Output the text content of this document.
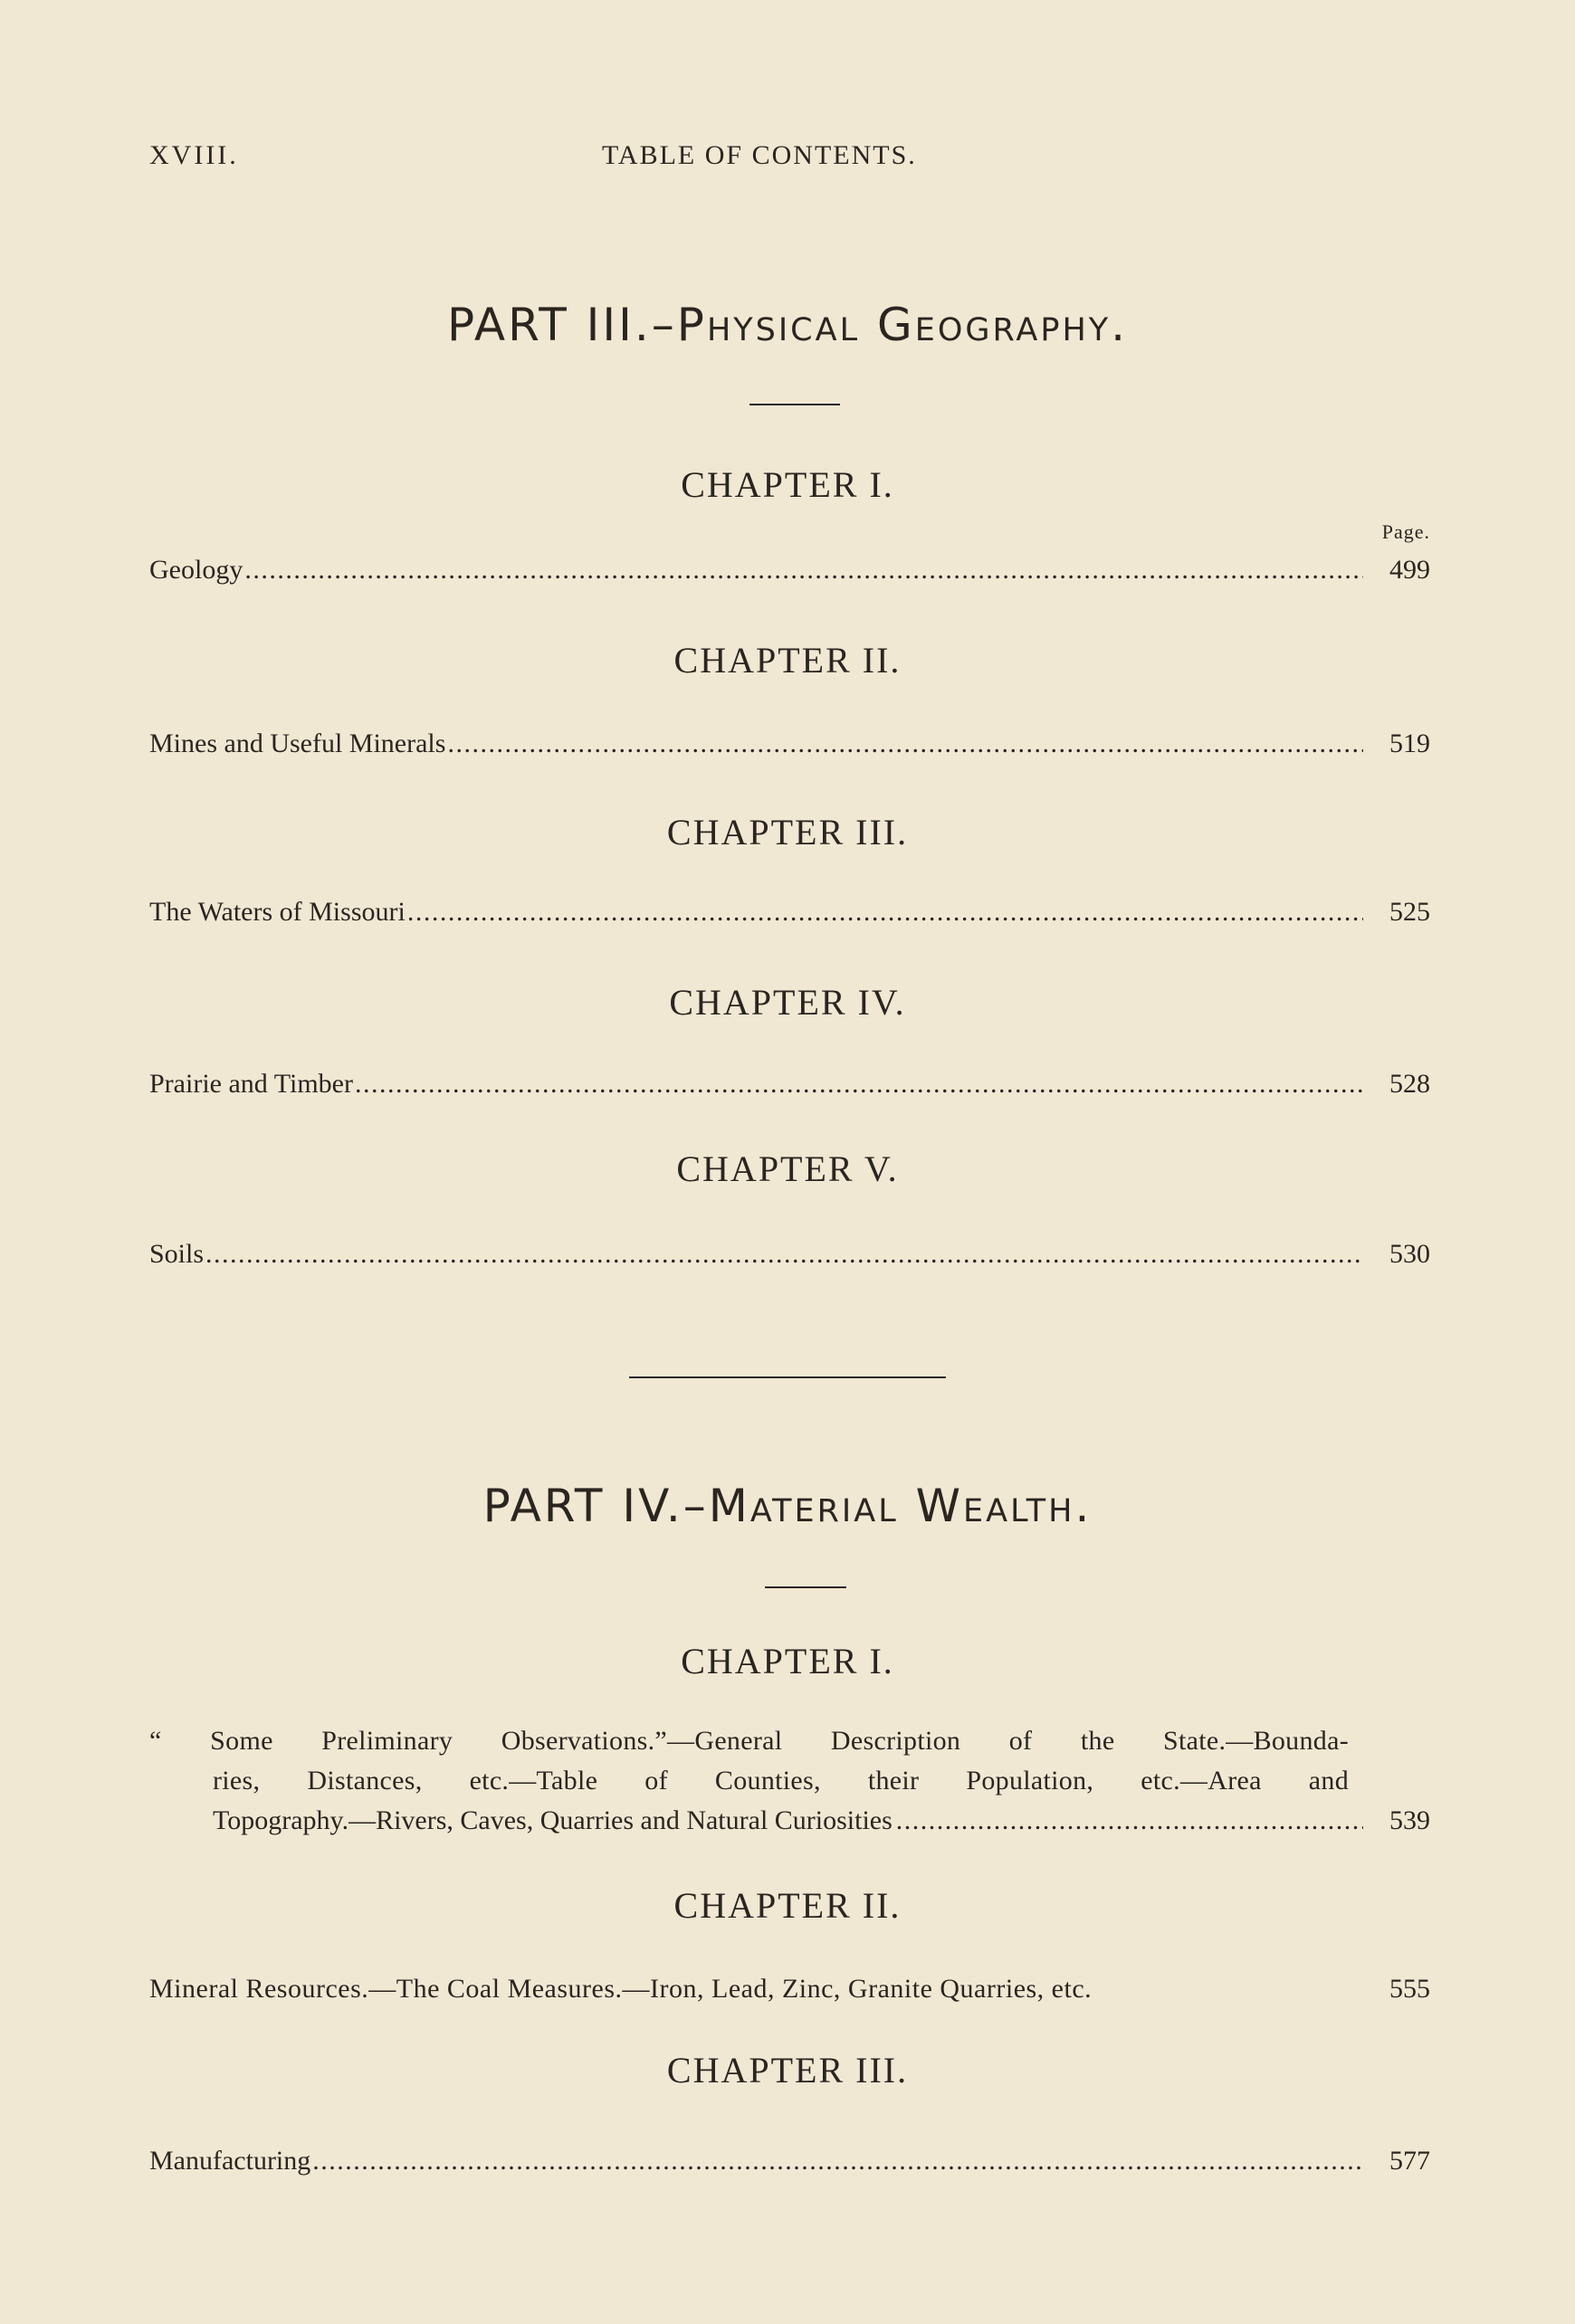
XVIII.	TABLE OF CONTENTS.
PART III.–Physical Geography.
CHAPTER I.
Page.
Geology . . .	499
CHAPTER II.
Mines and Useful Minerals . . .	519
CHAPTER III.
The Waters of Missouri . . .	525
CHAPTER IV.
Prairie and Timber . . .	528
CHAPTER V.
Soils . . .	530
PART IV.–Material Wealth.
CHAPTER I.
“ Some Preliminary Observations.”—General Description of the State.—Bounda-
ries, Distances, etc.—Table of Counties, their Population, etc.—Area and
Topography.—Rivers, Caves, Quarries and Natural Curiosities . . .	539
CHAPTER II.
Mineral Resources.—The Coal Measures.—Iron, Lead, Zinc, Granite Quarries, etc.	555
CHAPTER III.
Manufacturing . . .	577
